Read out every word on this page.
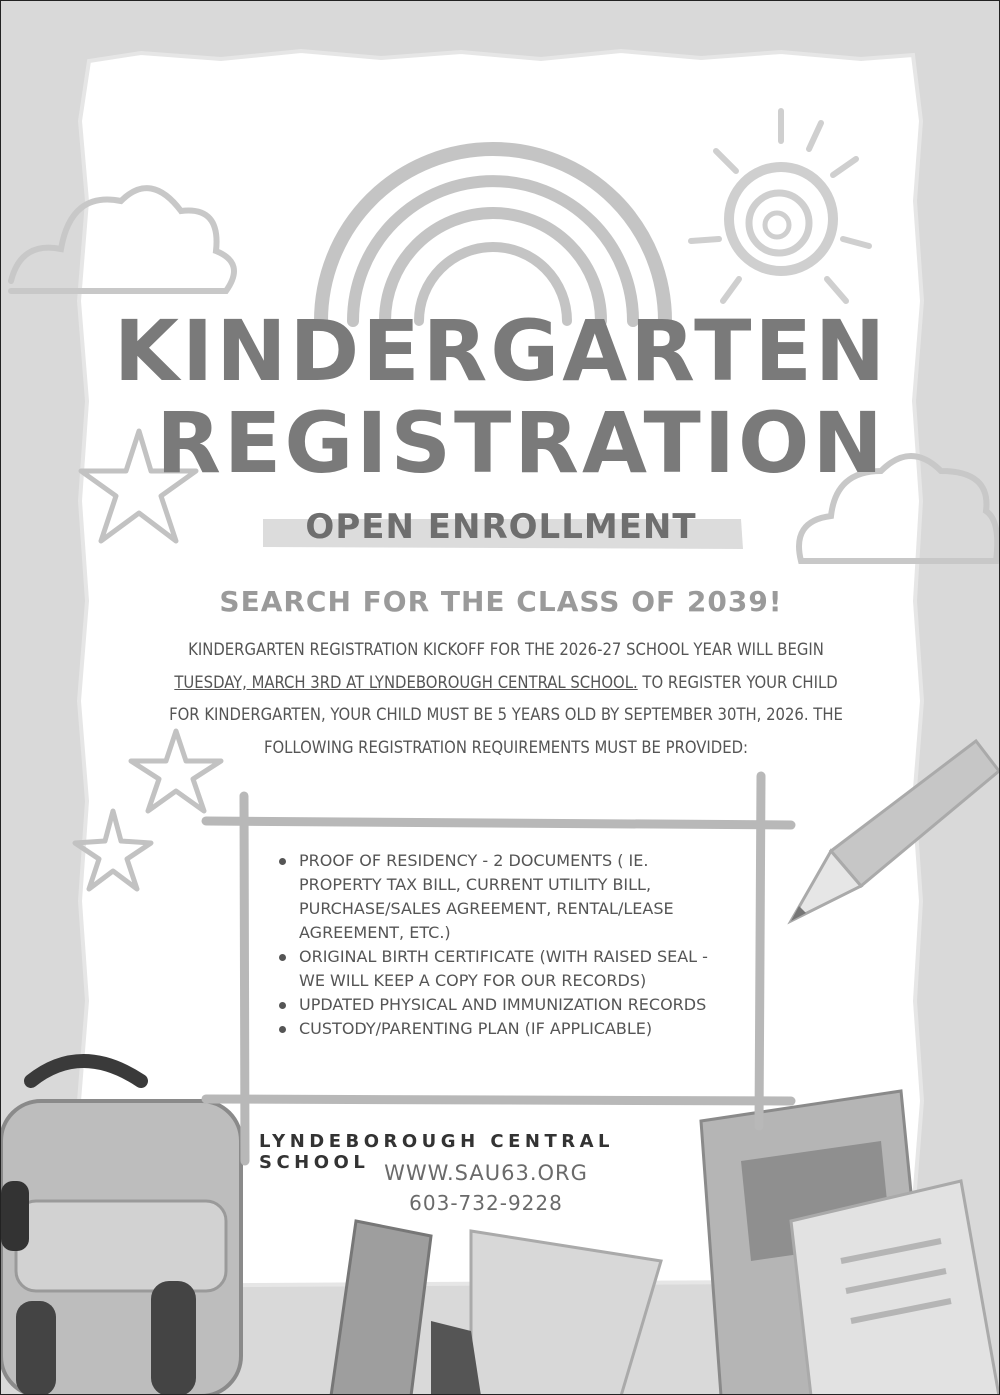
KINDERGARTEN
REGISTRATION
OPEN ENROLLMENT
SEARCH FOR THE CLASS OF 2039!
KINDERGARTEN REGISTRATION KICKOFF FOR THE 2026-27 SCHOOL YEAR WILL BEGIN TUESDAY, MARCH 3RD AT LYNDEBOROUGH CENTRAL SCHOOL. TO REGISTER YOUR CHILD FOR KINDERGARTEN, YOUR CHILD MUST BE 5 YEARS OLD BY SEPTEMBER 30TH, 2026. THE FOLLOWING REGISTRATION REQUIREMENTS MUST BE PROVIDED:
PROOF OF RESIDENCY - 2 DOCUMENTS ( IE. PROPERTY TAX BILL, CURRENT UTILITY BILL, PURCHASE/SALES AGREEMENT, RENTAL/LEASE AGREEMENT, ETC.)
ORIGINAL BIRTH CERTIFICATE (WITH RAISED SEAL - WE WILL KEEP A COPY FOR OUR RECORDS)
UPDATED PHYSICAL AND IMMUNIZATION RECORDS
CUSTODY/PARENTING PLAN (IF APPLICABLE)
LYNDEBOROUGH CENTRAL SCHOOL WWW.SAU63.ORG
603-732-9228
